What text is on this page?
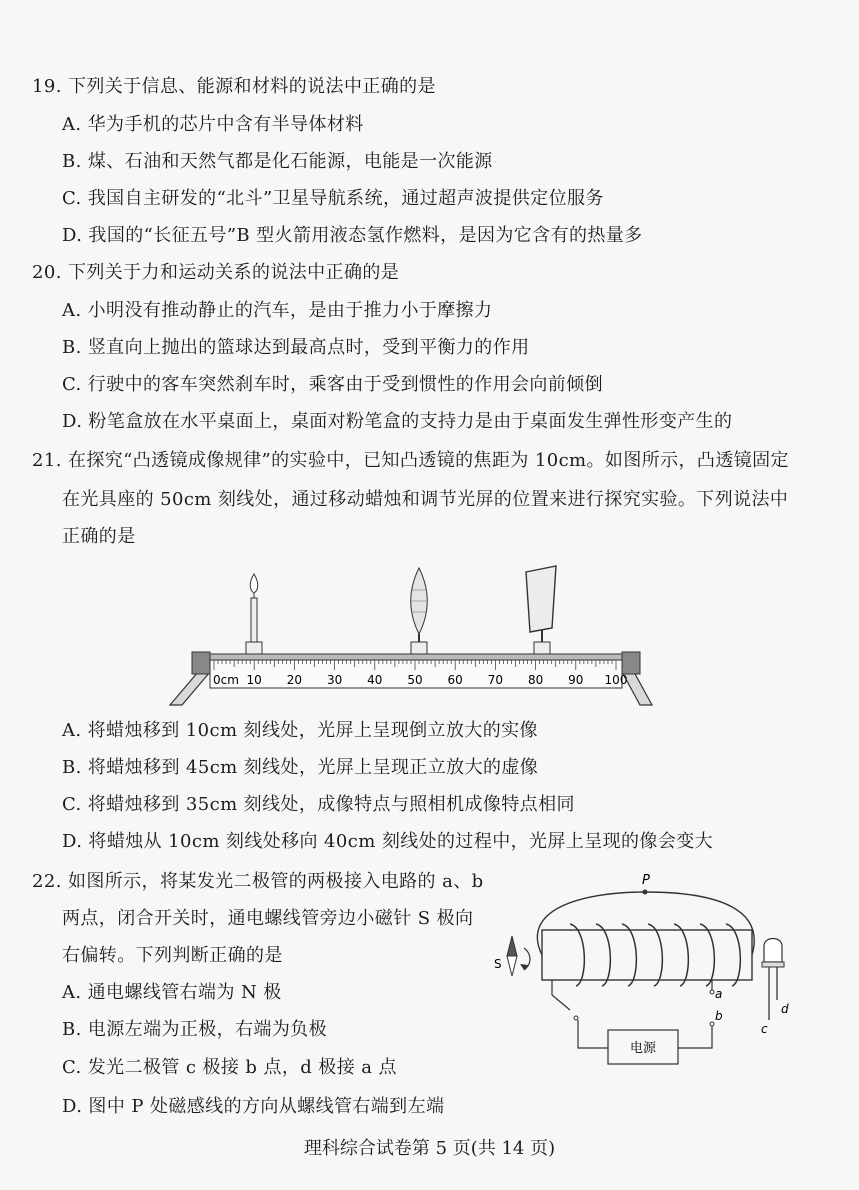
19. 下列关于信息、能源和材料的说法中正确的是
A. 华为手机的芯片中含有半导体材料
B. 煤、石油和天然气都是化石能源，电能是一次能源
C. 我国自主研发的“北斗”卫星导航系统，通过超声波提供定位服务
D. 我国的“长征五号”B 型火箭用液态氢作燃料，是因为它含有的热量多
20. 下列关于力和运动关系的说法中正确的是
A. 小明没有推动静止的汽车，是由于推力小于摩擦力
B. 竖直向上抛出的篮球达到最高点时，受到平衡力的作用
C. 行驶中的客车突然刹车时，乘客由于受到惯性的作用会向前倾倒
D. 粉笔盒放在水平桌面上，桌面对粉笔盒的支持力是由于桌面发生弹性形变产生的
21. 在探究“凸透镜成像规律”的实验中，已知凸透镜的焦距为 10cm。如图所示，凸透镜固定
在光具座的 50cm 刻线处，通过移动蜡烛和调节光屏的位置来进行探究实验。下列说法中
正确的是
0cm 10 20 30 40 50 60 70 80 90 100
A. 将蜡烛移到 10cm 刻线处，光屏上呈现倒立放大的实像
B. 将蜡烛移到 45cm 刻线处，光屏上呈现正立放大的虚像
C. 将蜡烛移到 35cm 刻线处，成像特点与照相机成像特点相同
D. 将蜡烛从 10cm 刻线处移向 40cm 刻线处的过程中，光屏上呈现的像会变大
22. 如图所示，将某发光二极管的两极接入电路的 a、b
两点，闭合开关时，通电螺线管旁边小磁针 S 极向
右偏转。下列判断正确的是
A. 通电螺线管右端为 N 极
B. 电源左端为正极，右端为负极
C. 发光二极管 c 极接 b 点，d 极接 a 点
D. 图中 P 处磁感线的方向从螺线管右端到左端
P
S
a
电源
b
c
d
理科综合试卷第 5 页(共 14 页)
